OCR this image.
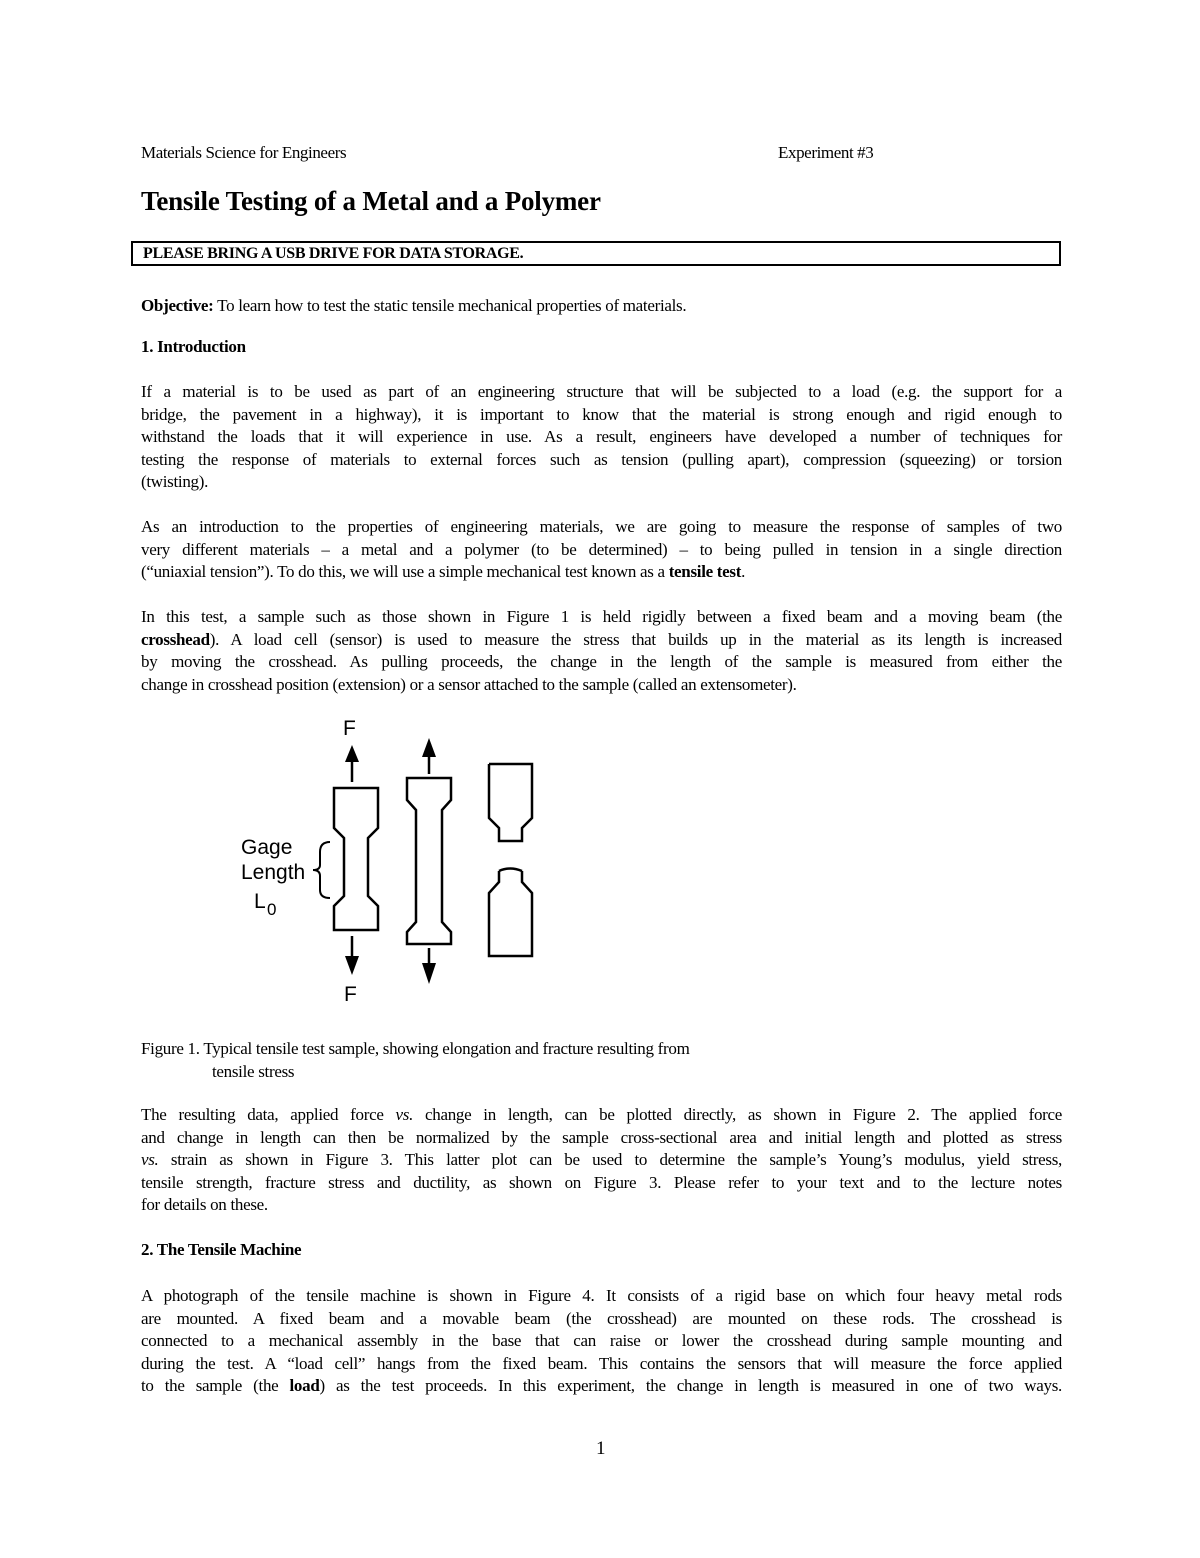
Materials Science for Engineers	Experiment #3
Tensile Testing of a Metal and a Polymer
PLEASE BRING A USB DRIVE FOR DATA STORAGE.

Objective: To learn how to test the static tensile mechanical properties of materials.

1. Introduction

If a material is to be used as part of an engineering structure that will be subjected to a load (e.g. the support for a
bridge, the pavement in a highway), it is important to know that the material is strong enough and rigid enough to
withstand the loads that it will experience in use. As a result, engineers have developed a number of techniques for
testing the response of materials to external forces such as tension (pulling apart), compression (squeezing) or torsion
(twisting).

As an introduction to the properties of engineering materials, we are going to measure the response of samples of two
very different materials – a metal and a polymer (to be determined) – to being pulled in tension in a single direction
(“uniaxial tension”). To do this, we will use a simple mechanical test known as a tensile test.

In this test, a sample such as those shown in Figure 1 is held rigidly between a fixed beam and a moving beam (the
crosshead). A load cell (sensor) is used to measure the stress that builds up in the material as its length is increased
by moving the crosshead. As pulling proceeds, the change in the length of the sample is measured from either the
change in crosshead position (extension) or a sensor attached to the sample (called an extensometer).

F
F
Gage
Length
L 0
Figure 1. Typical tensile test sample, showing elongation and fracture resulting from
tensile stress

The resulting data, applied force vs. change in length, can be plotted directly, as shown in Figure 2. The applied force
and change in length can then be normalized by the sample cross-sectional area and initial length and plotted as stress
vs. strain as shown in Figure 3. This latter plot can be used to determine the sample’s Young’s modulus, yield stress,
tensile strength, fracture stress and ductility, as shown on Figure 3. Please refer to your text and to the lecture notes
for details on these.

2. The Tensile Machine

A photograph of the tensile machine is shown in Figure 4. It consists of a rigid base on which four heavy metal rods
are mounted. A fixed beam and a movable beam (the crosshead) are mounted on these rods. The crosshead is
connected to a mechanical assembly in the base that can raise or lower the crosshead during sample mounting and
during the test. A “load cell” hangs from the fixed beam. This contains the sensors that will measure the force applied
to the sample (the load) as the test proceeds. In this experiment, the change in length is measured in one of two ways.

1
